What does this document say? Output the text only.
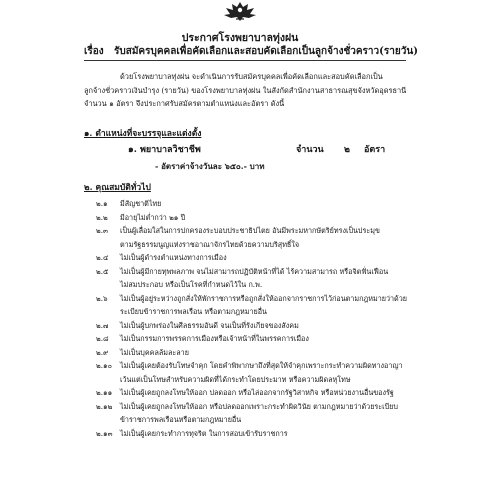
ประกาศโรงพยาบาลทุ่งฝน
เรื่อง รับสมัครบุคคลเพื่อคัดเลือกและสอบคัดเลือกเป็นลูกจ้างชั่วคราว(รายวัน)

ด้วยโรงพยาบาลทุ่งฝน จะดำเนินการรับสมัครบุคคลเพื่อคัดเลือกและสอบคัดเลือกเป็น

ลูกจ้างชั่วคราวเงินบำรุง (รายวัน) ของโรงพยาบาลทุ่งฝน ในสังกัดสำนักงานสาธารณสุขจังหวัดอุดรธานี

จำนวน ๑ อัตรา จึงประกาศรับสมัครตามตำแหน่งและอัตรา ดังนี้

๑. ตำแหน่งที่จะบรรจุและแต่งตั้ง
๑. พยาบาลวิชาชีพ	จำนวน ๒ อัตรา
- อัตราค่าจ้างวันละ ๖๕๐.- บาท
๒. คุณสมบัติทั่วไป
๒.๑	มีสัญชาติไทย
๒.๒	มีอายุไม่ต่ำกว่า ๒๑ ปี
๒.๓	เป็นผู้เลื่อมใสในการปกครองระบอบประชาธิปไตย อันมีพระมหากษัตริย์ทรงเป็นประมุข
ตามรัฐธรรมนูญแห่งราชอาณาจักรไทยด้วยความบริสุทธิ์ใจ
๒.๔	ไม่เป็นผู้ดำรงตำแหน่งทางการเมือง
๒.๕	ไม่เป็นผู้มีกายทุพพลภาพ จนไม่สามารถปฏิบัติหน้าที่ได้ ไร้ความสามารถ หรือจิตฟั่นเฟือน
ไม่สมประกอบ หรือเป็นโรคที่กำหนดไว้ใน ก.พ.
๒.๖	ไม่เป็นผู้อยู่ระหว่างถูกสั่งให้พักราชการหรือถูกสั่งให้ออกจากราชการไว้ก่อนตามกฎหมายว่าด้วย
ระเบียบข้าราชการพลเรือน หรือตามกฎหมายอื่น
๒.๗	ไม่เป็นผู้บกพร่องในศีลธรรมอันดี จนเป็นที่รังเกียจของสังคม
๒.๘	ไม่เป็นกรรมการพรรคการเมืองหรือเจ้าหน้าที่ในพรรคการเมือง
๒.๙	ไม่เป็นบุคคลล้มละลาย
๒.๑๐	ไม่เป็นผู้เคยต้องรับโทษจำคุก โดยคำพิพากษาถึงที่สุดให้จำคุกเพราะกระทำความผิดทางอาญา
เว้นแต่เป็นโทษสำหรับความผิดที่ได้กระทำโดยประมาท หรือความผิดลหุโทษ
๒.๑๑	ไม่เป็นผู้เคยถูกลงโทษให้ออก ปลดออก หรือไล่ออกจากรัฐวิสาหกิจ หรือหน่วยงานอื่นของรัฐ
๒.๑๒	ไม่เป็นผู้เคยถูกลงโทษให้ออก หรือปลดออกเพราะกระทำผิดวินัย ตามกฎหมายว่าด้วยระเบียบ
ข้าราชการพลเรือนหรือตามกฎหมายอื่น
๒.๑๓	ไม่เป็นผู้เคยกระทำการทุจริต ในการสอบเข้ารับราชการ
